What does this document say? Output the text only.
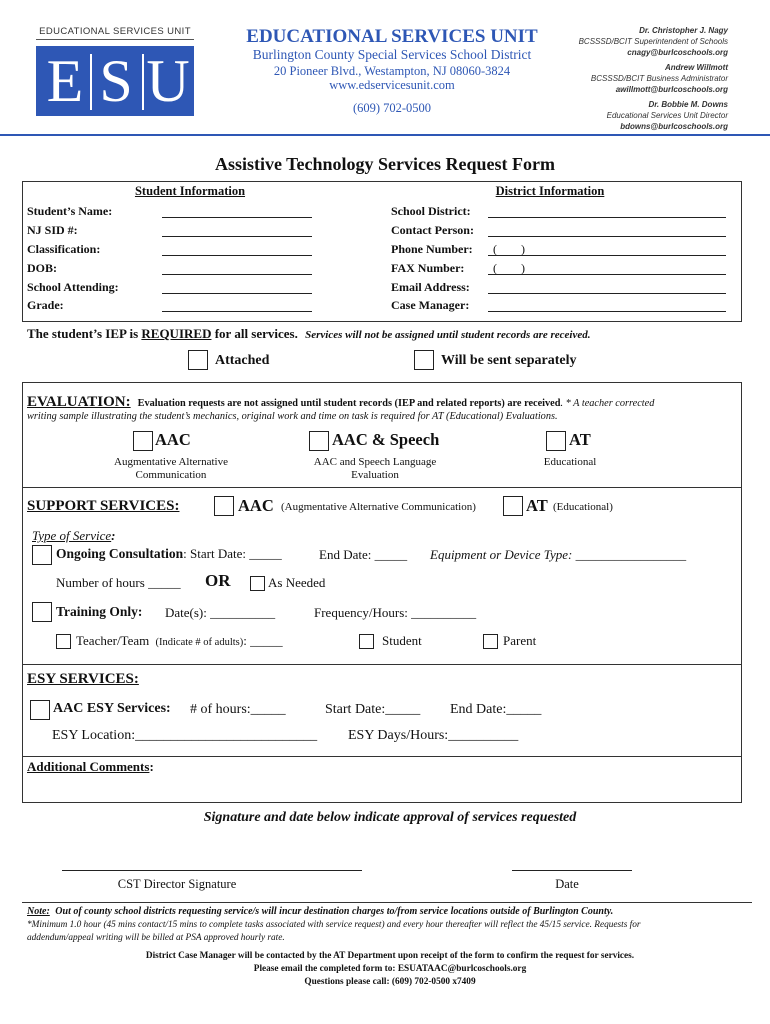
EDUCATIONAL SERVICES UNIT
E S U
EDUCATIONAL SERVICES UNIT
Burlington County Special Services School District
20 Pioneer Blvd., Westampton, NJ 08060-3824
www.edservicesunit.com
(609) 702-0500
Dr. Christopher J. Nagy
BCSSSD/BCIT Superintendent of Schools
cnagy@burlcoschools.org
Andrew Willmott
BCSSSD/BCIT Business Administrator
awillmott@burlcoschools.org
Dr. Bobbie M. Downs
Educational Services Unit Director
bdowns@burlcoschools.org
Assistive Technology Services Request Form
Student Information	District Information
Student’s Name:
NJ SID #:
Classification:
DOB:
School Attending:
Grade:
School District:
Contact Person:
Phone Number: (        )
FAX Number: (        )
Email Address:
Case Manager:
The student’s IEP is REQUIRED for all services. Services will not be assigned until student records are received.
Attached	Will be sent separately
EVALUATION: Evaluation requests are not assigned until student records (IEP and related reports) are received. * A teacher corrected
writing sample illustrating the student’s mechanics, original work and time on task is required for AT (Educational) Evaluations.
AAC
Augmentative Alternative
Communication
AAC & Speech
AAC and Speech Language
Evaluation
AT
Educational
SUPPORT SERVICES:	AAC (Augmentative Alternative Communication)	AT (Educational)
Type of Service:
Ongoing Consultation: Start Date: _____	End Date: _____ Equipment or Device Type: _________________
Number of hours _____ OR	As Needed
Training Only: Date(s): __________	Frequency/Hours: __________
Teacher/Team (Indicate # of adults): _____	Student	Parent
ESY SERVICES:
AAC ESY Services: # of hours:_____	Start Date:_____ End Date:_____
ESY Location:__________________________ ESY Days/Hours:__________
Additional Comments:
Signature and date below indicate approval of services requested
CST Director Signature	Date
Note: Out of county school districts requesting service/s will incur destination charges to/from service locations outside of Burlington County.
*Minimum 1.0 hour (45 mins contact/15 mins to complete tasks associated with service request) and every hour thereafter will reflect the 45/15 service. Requests for
addendum/appeal writing will be billed at PSA approved hourly rate.
District Case Manager will be contacted by the AT Department upon receipt of the form to confirm the request for services.
Please email the completed form to: ESUATAAC@burlcoschools.org
Questions please call: (609) 702-0500 x7409
